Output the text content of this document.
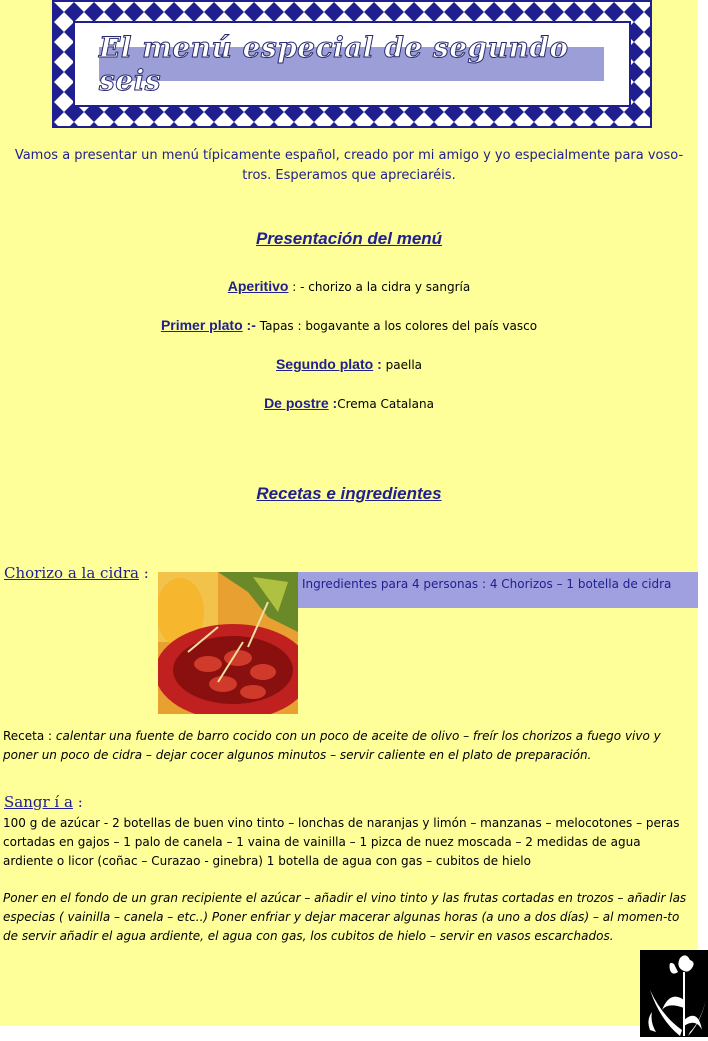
El menú especial de segundo seis
Vamos a presentar un menú típicamente español, creado por mi amigo y yo especialmente para voso-tros. Esperamos que apreciaréis.
Presentación del menú
Aperitivo : - chorizo a la cidra y sangría
Primer plato :- Tapas : bogavante a los colores del país vasco
Segundo plato : paella
De postre :Crema Catalana
Recetas e ingredientes
Chorizo a la cidra :
Ingredientes para 4 personas : 4 Chorizos – 1 botella de cidra
Receta : calentar una fuente de barro cocido con un poco de aceite de olivo – freír los chorizos a fuego vivo y poner un poco de cidra – dejar cocer algunos minutos – servir caliente en el plato de preparación.
Sangr í a :
100 g de azúcar - 2 botellas de buen vino tinto – lonchas de naranjas y limón – manzanas – melocotones – peras cortadas en gajos – 1 palo de canela – 1 vaina de vainilla – 1 pizca de nuez moscada – 2 medidas de agua ardiente o licor (coñac – Curazao - ginebra) 1 botella de agua con gas – cubitos de hielo
Poner en el fondo de un gran recipiente el azúcar – añadir el vino tinto y las frutas cortadas en trozos – añadir las especias ( vainilla – canela – etc..) Poner enfriar y dejar macerar algunas horas (a uno a dos días) – al momen-to de servir añadir el agua ardiente, el agua con gas, los cubitos de hielo – servir en vasos escarchados.
